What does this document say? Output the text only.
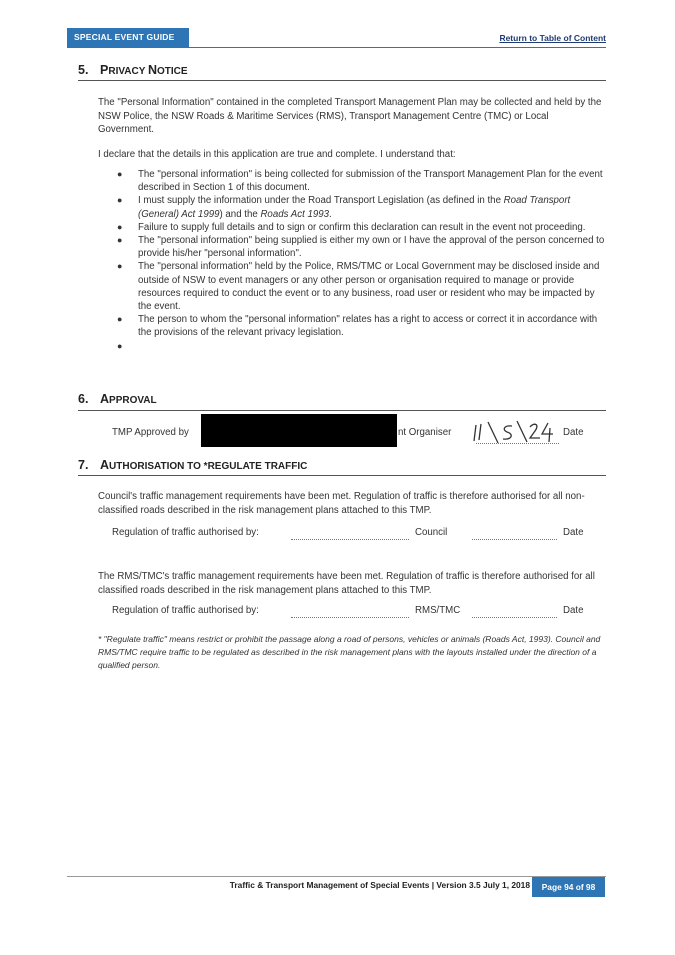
SPECIAL EVENT GUIDE	Return to Table of Content
5. PRIVACY NOTICE
The "Personal Information" contained in the completed Transport Management Plan may be collected and held by the NSW Police, the NSW Roads & Maritime Services (RMS), Transport Management Centre (TMC) or Local Government.
I declare that the details in this application are true and complete. I understand that:
● The "personal information" is being collected for submission of the Transport Management Plan for the event described in Section 1 of this document.
● I must supply the information under the Road Transport Legislation (as defined in the Road Transport (General) Act 1999) and the Roads Act 1993.
● Failure to supply full details and to sign or confirm this declaration can result in the event not proceeding.
● The "personal information" being supplied is either my own or I have the approval of the person concerned to provide his/her "personal information".
● The "personal information" held by the Police, RMS/TMC or Local Government may be disclosed inside and outside of NSW to event managers or any other person or organisation required to manage or provide resources required to conduct the event or to any business, road user or resident who may be impacted by the event.
● The person to whom the "personal information" relates has a right to access or correct it in accordance with the provisions of the relevant privacy legislation.
●
6. APPROVAL
TMP Approved by	nt Organiser	Date
7. AUTHORISATION TO *REGULATE TRAFFIC
Council's traffic management requirements have been met. Regulation of traffic is therefore authorised for all non-classified roads described in the risk management plans attached to this TMP.
Regulation of traffic authorised by:	Council	Date
The RMS/TMC's traffic management requirements have been met. Regulation of traffic is therefore authorised for all classified roads described in the risk management plans attached to this TMP.
Regulation of traffic authorised by:	RMS/TMC	Date
* "Regulate traffic" means restrict or prohibit the passage along a road of persons, vehicles or animals (Roads Act, 1993). Council and RMS/TMC require traffic to be regulated as described in the risk management plans with the layouts installed under the direction of a qualified person.
Traffic & Transport Management of Special Events | Version 3.5 July 1, 2018	Page 94 of 98
